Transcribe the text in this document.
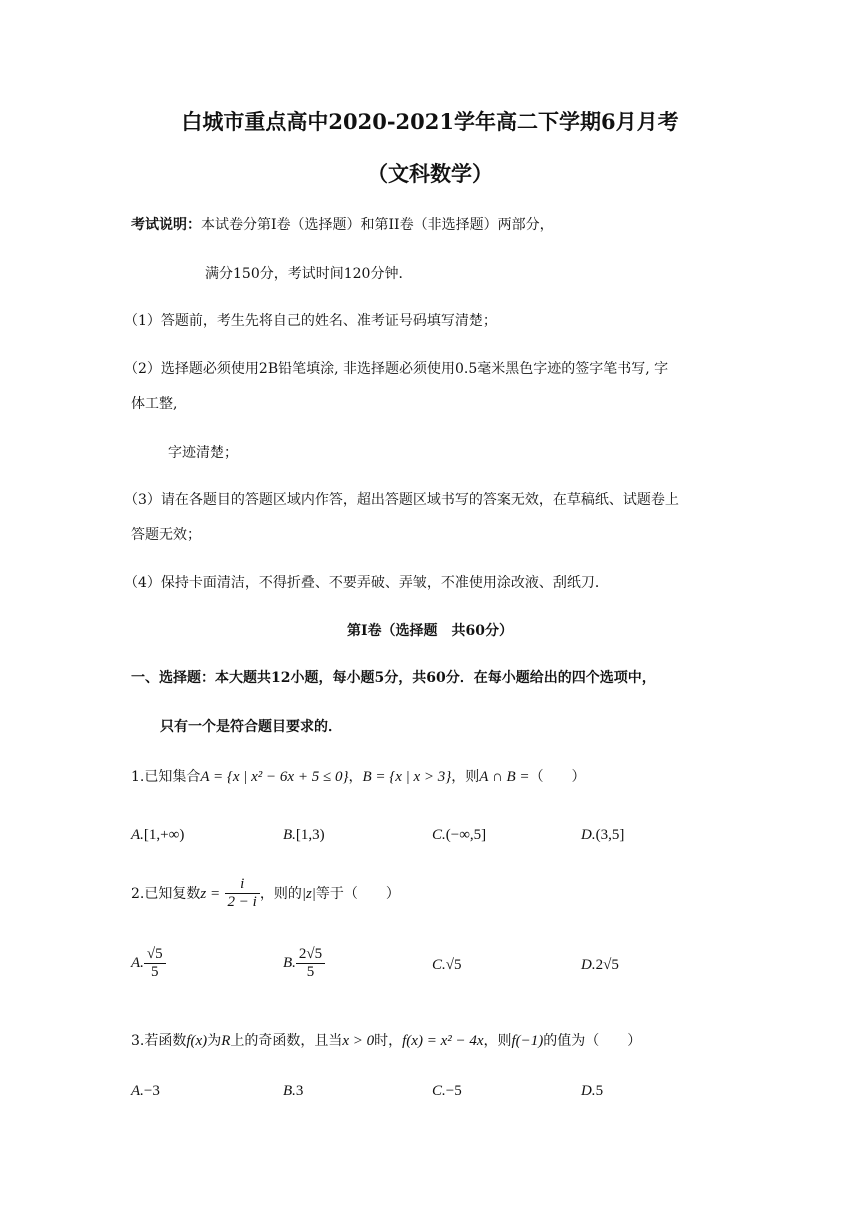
白城市重点高中2020-2021学年高二下学期6月月考
（文科数学）
考试说明：本试卷分第I卷（选择题）和第II卷（非选择题）两部分，
满分150分，考试时间120分钟．
（1）答题前，考生先将自己的姓名、准考证号码填写清楚；
（2）选择题必须使用2B铅笔填涂, 非选择题必须使用0.5毫米黑色字迹的签字笔书写, 字
体工整,
字迹清楚；
（3）请在各题目的答题区域内作答，超出答题区域书写的答案无效，在草稿纸、试题卷上
答题无效；
（4）保持卡面清洁，不得折叠、不要弄破、弄皱，不准使用涂改液、刮纸刀．
第I卷（选择题　共60分）
一、选择题：本大题共12小题，每小题5分，共60分．在每小题给出的四个选项中，
只有一个是符合题目要求的．
1.已知集合A = {x | x² − 6x + 5 ≤ 0}，B = {x | x > 3}，则A ∩ B =（　　）
A.[1,+∞)	B.[1,3)	C.(−∞,5]	D.(3,5]
2.已知复数$z = \frac{i}{2 - i}$ ，则的|z|等于（　　）
A. $\frac{√5}{5}$	B. $\frac{2√5}{5}$	C.√5	D.2√5
3.若函数f(x)为R上的奇函数，且当x > 0时，f(x) = x² − 4x，则f(−1)的值为（　　）
A.−3	B.3	C.−5	D.5
